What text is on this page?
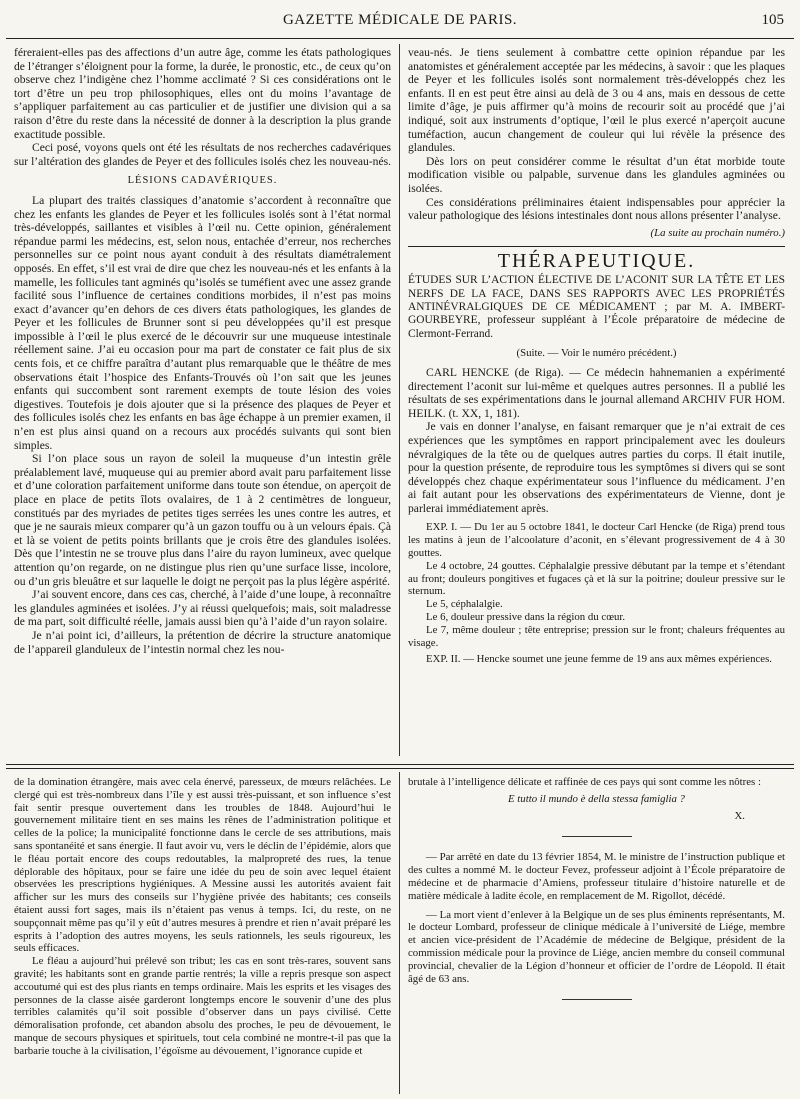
GAZETTE MÉDICALE DE PARIS.	105

féreraient-elles pas des affections d’un autre âge, comme les états pathologiques de l’étranger s’éloignent pour la forme, la durée, le pronostic, etc., de ceux qu’on observe chez l’indigène chez l’homme acclimaté ? Si ces considérations ont le tort d’être un peu trop philosophiques, elles ont du moins l’avantage de s’appliquer parfaitement au cas particulier et de justifier une division qui a sa raison d’être du reste dans la nécessité de donner à la description la plus grande exactitude possible.

Ceci posé, voyons quels ont été les résultats de nos recherches cadavériques sur l’altération des glandes de Peyer et des follicules isolés chez les nouveau-nés.

LÉSIONS CADAVÉRIQUES.

La plupart des traités classiques d’anatomie s’accordent à reconnaître que chez les enfants les glandes de Peyer et les follicules isolés sont à l’état normal très-développés, saillantes et visibles à l’œil nu. Cette opinion, généralement répandue parmi les médecins, est, selon nous, entachée d’erreur, nos recherches personnelles sur ce point nous ayant conduit à des résultats diamétralement opposés. En effet, s’il est vrai de dire que chez les nouveau-nés et les enfants à la mamelle, les follicules tant agminés qu’isolés se tuméfient avec une assez grande facilité sous l’influence de certaines conditions morbides, il n’est pas moins exact d’avancer qu’en dehors de ces divers états pathologiques, les glandes de Peyer et les follicules de Brunner sont si peu développées qu’il est presque impossible à l’œil le plus exercé de le découvrir sur une muqueuse intestinale réellement saine. J’ai eu occasion pour ma part de constater ce fait plus de six cents fois, et ce chiffre paraîtra d’autant plus remarquable que le théâtre de mes observations était l’hospice des Enfants-Trouvés où l’on sait que les jeunes enfants qui succombent sont rarement exempts de toute lésion des voies digestives. Toutefois je dois ajouter que si la présence des plaques de Peyer et des follicules isolés chez les enfants en bas âge échappe à un premier examen, il n’en est plus ainsi quand on a recours aux procédés suivants qui sont bien simples.

Si l’on place sous un rayon de soleil la muqueuse d’un intestin grêle préalablement lavé, muqueuse qui au premier abord avait paru parfaitement lisse et d’une coloration parfaitement uniforme dans toute son étendue, on aperçoit de place en place de petits îlots ovalaires, de 1 à 2 centimètres de longueur, constitués par des myriades de petites tiges serrées les unes contre les autres, et que je ne saurais mieux comparer qu’à un gazon touffu ou à un velours épais. Çà et là se voient de petits points brillants que je crois être des glandules isolées. Dès que l’intestin ne se trouve plus dans l’aire du rayon lumineux, avec quelque attention qu’on regarde, on ne distingue plus rien qu’une surface lisse, incolore, ou d’un gris bleuâtre et sur laquelle le doigt ne perçoit pas la plus légère aspérité.

J’ai souvent encore, dans ces cas, cherché, à l’aide d’une loupe, à reconnaître les glandules agminées et isolées. J’y ai réussi quelquefois; mais, soit maladresse de ma part, soit difficulté réelle, jamais aussi bien qu’à l’aide d’un rayon solaire.

Je n’ai point ici, d’ailleurs, la prétention de décrire la structure anatomique de l’appareil glanduleux de l’intestin normal chez les nou-

veau-nés. Je tiens seulement à combattre cette opinion répandue par les anatomistes et généralement acceptée par les médecins, à savoir : que les plaques de Peyer et les follicules isolés sont normalement très-développés chez les enfants. Il en est peut être ainsi au delà de 3 ou 4 ans, mais en dessous de cette limite d’âge, je puis affirmer qu’à moins de recourir soit au procédé que j’ai indiqué, soit aux instruments d’optique, l’œil le plus exercé n’aperçoit aucune tuméfaction, aucun changement de couleur qui lui révèle la présence des glandules.

Dès lors on peut considérer comme le résultat d’un état morbide toute modification visible ou palpable, survenue dans les glandules agminées ou isolées.

Ces considérations préliminaires étaient indispensables pour apprécier la valeur pathologique des lésions intestinales dont nous allons présenter l’analyse.

(La suite au prochain numéro.)
THÉRAPEUTIQUE.

ÉTUDES SUR L’ACTION ÉLECTIVE DE L’ACONIT SUR LA TÊTE ET LES NERFS DE LA FACE, DANS SES RAPPORTS AVEC LES PROPRIÉTÉS ANTINÉVRALGIQUES DE CE MÉDICAMENT ; par M. A. IMBERT-GOURBEYRE, professeur suppléant à l’École préparatoire de médecine de Clermont-Ferrand.

(Suite. — Voir le numéro précédent.)

CARL HENCKE (de Riga). — Ce médecin hahnemanien a expérimenté directement l’aconit sur lui-même et quelques autres personnes. Il a publié les résultats de ses expérimentations dans le journal allemand ARCHIV FUR HOM. HEILK. (t. XX, 1, 181).

Je vais en donner l’analyse, en faisant remarquer que je n’ai extrait de ces expériences que les symptômes en rapport principalement avec les douleurs névralgiques de la tête ou de quelques autres parties du corps. Il était inutile, pour la question présente, de reproduire tous les symptômes si divers qui se sont développés chez chaque expérimentateur sous l’influence du médicament. J’en ai fait autant pour les observations des expérimentateurs de Vienne, dont je parlerai immédiatement après.

EXP. I. — Du 1er au 5 octobre 1841, le docteur Carl Hencke (de Riga) prend tous les matins à jeun de l’alcoolature d’aconit, en s’élevant progressivement de 4 à 30 gouttes.

Le 4 octobre, 24 gouttes. Céphalalgie pressive débutant par la tempe et s’étendant au front; douleurs pongitives et fugaces çà et là sur la poitrine; douleur pressive sur le sternum.

Le 5, céphalalgie.

Le 6, douleur pressive dans la région du cœur.

Le 7, même douleur ; tête entreprise; pression sur le front; chaleurs fréquentes au visage.

EXP. II. — Hencke soumet une jeune femme de 19 ans aux mêmes expériences.

de la domination étrangère, mais avec cela énervé, paresseux, de mœurs relâchées. Le clergé qui est très-nombreux dans l’île y est aussi très-puissant, et son influence s’est fait sentir presque ouvertement dans les troubles de 1848. Aujourd’hui le gouvernement militaire tient en ses mains les rênes de l’administration politique et celles de la police; la municipalité fonctionne dans le cercle de ses attributions, mais sans spontanéité et sans énergie. Il faut avoir vu, vers le déclin de l’épidémie, alors que le fléau portait encore des coups redoutables, la malpropreté des rues, la tenue déplorable des hôpitaux, pour se faire une idée du peu de soin avec lequel étaient observées les prescriptions hygiéniques. A Messine aussi les autorités avaient fait afficher sur les murs des conseils sur l’hygiène privée des habitants; ces conseils étaient aussi fort sages, mais ils n’étaient pas venus à temps. Ici, du reste, on ne soupçonnait même pas qu’il y eût d’autres mesures à prendre et rien n’avait préparé les esprits à l’adoption des autres moyens, les seuls rationnels, les seuls rigoureux, les seuls efficaces.

Le fléau a aujourd’hui prélevé son tribut; les cas en sont très-rares, souvent sans gravité; les habitants sont en grande partie rentrés; la ville a repris presque son aspect accoutumé qui est des plus riants en temps ordinaire. Mais les esprits et les visages des personnes de la classe aisée garderont longtemps encore le souvenir d’une des plus terribles calamités qu’il soit possible d’observer dans un pays civilisé. Cette démoralisation profonde, cet abandon absolu des proches, le peu de dévouement, le manque de secours physiques et spirituels, tout cela combiné ne montre-t-il pas que la barbarie touche à la civilisation, l’égoïsme au dévouement, l’ignorance cupide et

brutale à l’intelligence délicate et raffinée de ces pays qui sont comme les nôtres :

E tutto il mundo è della stessa famiglia ?
X.

— Par arrêté en date du 13 février 1854, M. le ministre de l’instruction publique et des cultes a nommé M. le docteur Fevez, professeur adjoint à l’École préparatoire de médecine et de pharmacie d’Amiens, professeur titulaire d’histoire naturelle et de matière médicale à ladite école, en remplacement de M. Rigollot, décédé.

— La mort vient d’enlever à la Belgique un de ses plus éminents représentants, M. le docteur Lombard, professeur de clinique médicale à l’université de Liége, membre et ancien vice-président de l’Académie de médecine de Belgique, président de la commission médicale pour la province de Liége, ancien membre du conseil communal provincial, chevalier de la Légion d’honneur et officier de l’ordre de Léopold. Il était âgé de 63 ans.
